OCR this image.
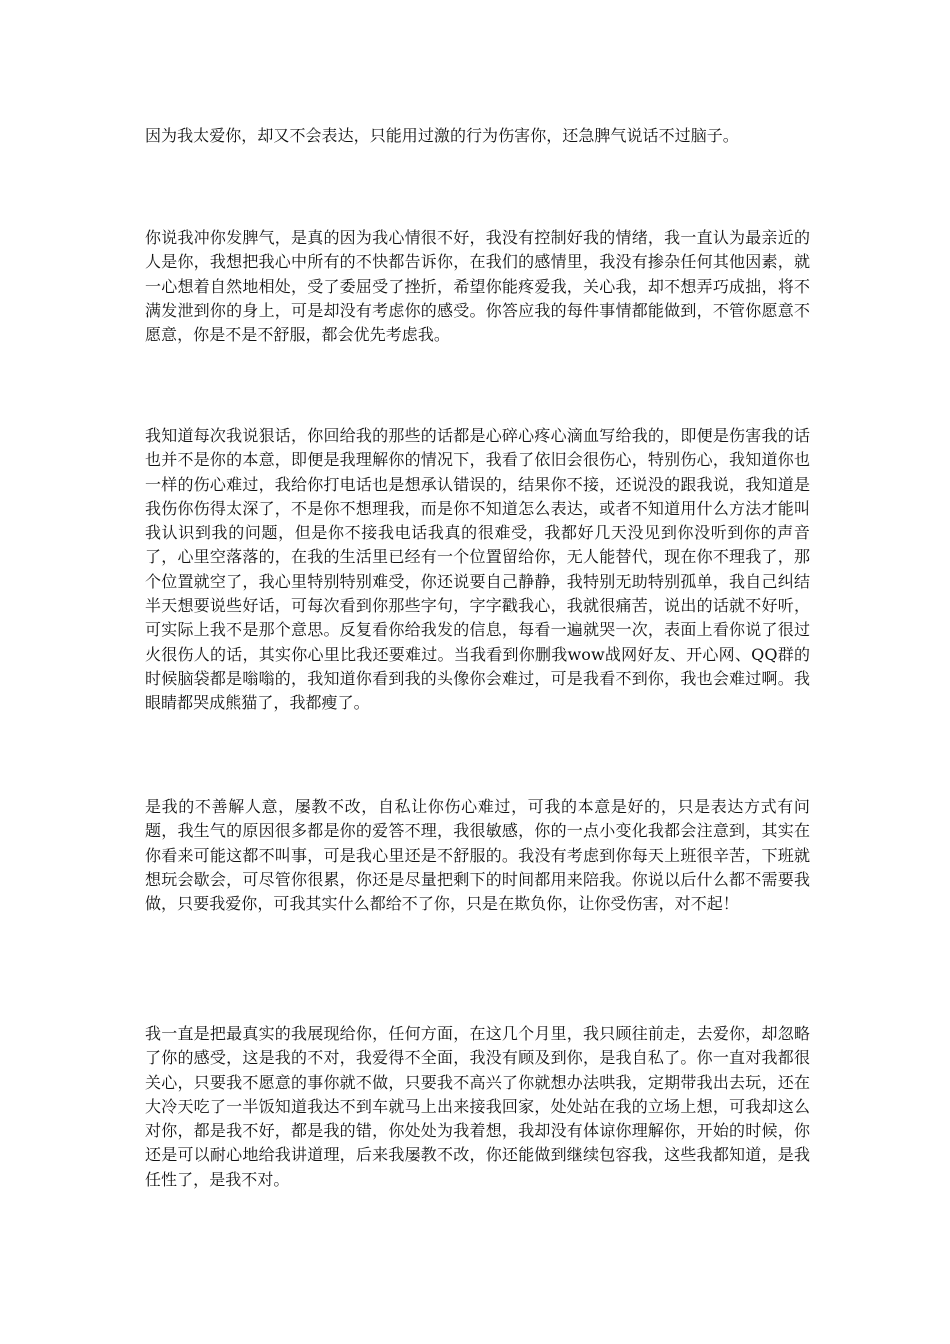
因为我太爱你，却又不会表达，只能用过激的行为伤害你，还急脾气说话不过脑子。

你说我冲你发脾气，是真的因为我心情很不好，我没有控制好我的情绪，我一直认为最亲近的人是你，我想把我心中所有的不快都告诉你，在我们的感情里，我没有掺杂任何其他因素，就一心想着自然地相处，受了委屈受了挫折，希望你能疼爱我，关心我，却不想弄巧成拙，将不满发泄到你的身上，可是却没有考虑你的感受。你答应我的每件事情都能做到，不管你愿意不愿意，你是不是不舒服，都会优先考虑我。

我知道每次我说狠话，你回给我的那些的话都是心碎心疼心滴血写给我的，即便是伤害我的话也并不是你的本意，即便是我理解你的情况下，我看了依旧会很伤心，特别伤心，我知道你也一样的伤心难过，我给你打电话也是想承认错误的，结果你不接，还说没的跟我说，我知道是我伤你伤得太深了，不是你不想理我，而是你不知道怎么表达，或者不知道用什么方法才能叫我认识到我的问题，但是你不接我电话我真的很难受，我都好几天没见到你没听到你的声音了，心里空落落的，在我的生活里已经有一个位置留给你，无人能替代，现在你不理我了，那个位置就空了，我心里特别特别难受，你还说要自己静静，我特别无助特别孤单，我自己纠结半天想要说些好话，可每次看到你那些字句，字字戳我心，我就很痛苦，说出的话就不好听，可实际上我不是那个意思。反复看你给我发的信息，每看一遍就哭一次，表面上看你说了很过火很伤人的话，其实你心里比我还要难过。当我看到你删我wow战网好友、开心网、QQ群的时候脑袋都是嗡嗡的，我知道你看到我的头像你会难过，可是我看不到你，我也会难过啊。我眼睛都哭成熊猫了，我都瘦了。

是我的不善解人意，屡教不改，自私让你伤心难过，可我的本意是好的，只是表达方式有问题，我生气的原因很多都是你的爱答不理，我很敏感，你的一点小变化我都会注意到，其实在你看来可能这都不叫事，可是我心里还是不舒服的。我没有考虑到你每天上班很辛苦，下班就想玩会歇会，可尽管你很累，你还是尽量把剩下的时间都用来陪我。你说以后什么都不需要我做，只要我爱你，可我其实什么都给不了你，只是在欺负你，让你受伤害，对不起！

我一直是把最真实的我展现给你，任何方面，在这几个月里，我只顾往前走，去爱你，却忽略了你的感受，这是我的不对，我爱得不全面，我没有顾及到你，是我自私了。你一直对我都很关心，只要我不愿意的事你就不做，只要我不高兴了你就想办法哄我，定期带我出去玩，还在大冷天吃了一半饭知道我达不到车就马上出来接我回家，处处站在我的立场上想，可我却这么对你，都是我不好，都是我的错，你处处为我着想，我却没有体谅你理解你，开始的时候，你还是可以耐心地给我讲道理，后来我屡教不改，你还能做到继续包容我，这些我都知道，是我任性了，是我不对。
